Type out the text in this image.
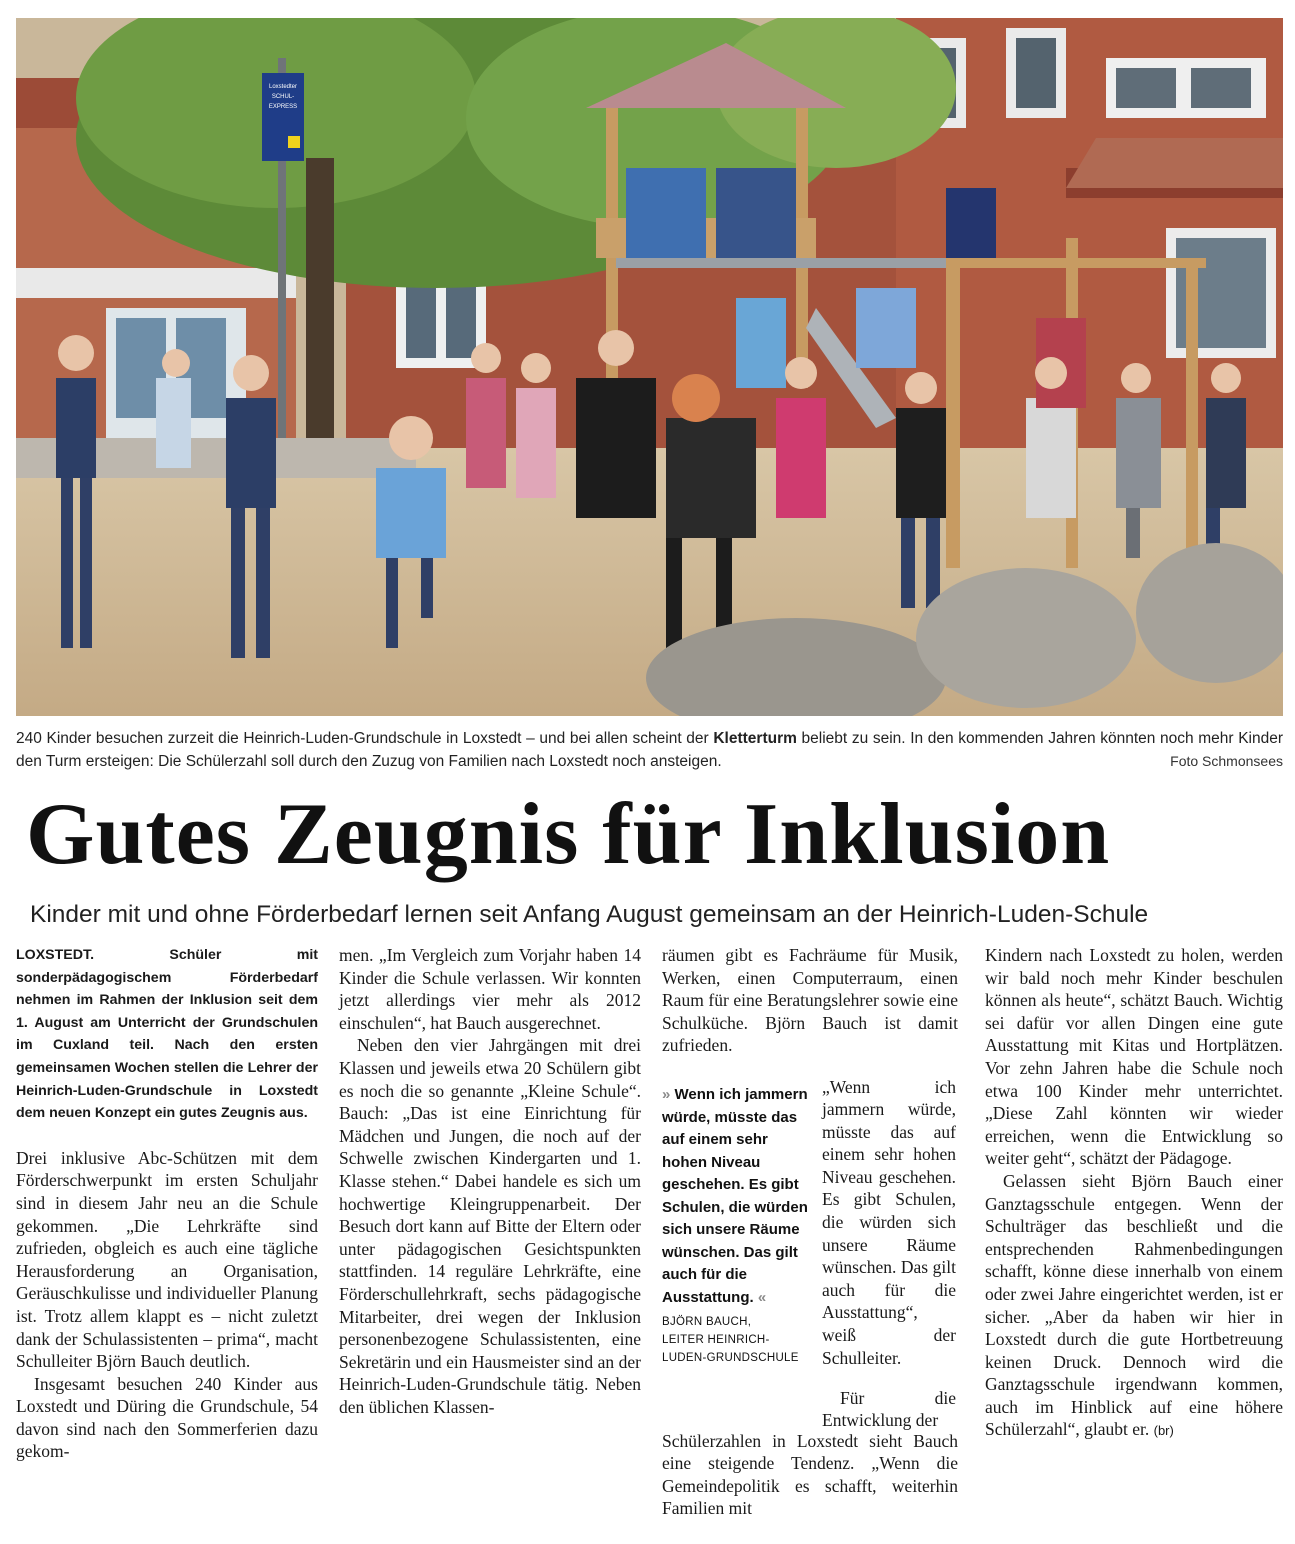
Loxstedter
SCHUL-
EXPRESS
240 Kinder besuchen zurzeit die Heinrich-Luden-Grundschule in Loxstedt – und bei allen scheint der Kletterturm beliebt zu sein. In den kommenden Jahren könnten noch mehr Kinder den Turm ersteigen: Die Schülerzahl soll durch den Zuzug von Familien nach Loxstedt noch ansteigen.	Foto Schmonsees
Gutes Zeugnis für Inklusion
Kinder mit und ohne Förderbedarf lernen seit Anfang August gemeinsam an der Heinrich-Luden-Schule

LOXSTEDT. Schüler mit sonderpädagogischem Förderbedarf nehmen im Rahmen der Inklusion seit dem 1. August am Unterricht der Grundschulen im Cuxland teil. Nach den ersten gemeinsamen Wochen stellen die Lehrer der Heinrich-Luden-Grundschule in Loxstedt dem neuen Konzept ein gutes Zeugnis aus.

Drei inklusive Abc-Schützen mit dem Förderschwerpunkt im ersten Schuljahr sind in diesem Jahr neu an die Schule gekommen. „Die Lehrkräfte sind zufrieden, obgleich es auch eine tägliche Herausforderung an Organisation, Geräuschkulisse und individueller Planung ist. Trotz allem klappt es – nicht zuletzt dank der Schulassistenten – prima“, macht Schulleiter Björn Bauch deutlich.

Insgesamt besuchen 240 Kinder aus Loxstedt und Düring die Grundschule, 54 davon sind nach den Sommerferien dazu gekom-

men. „Im Vergleich zum Vorjahr haben 14 Kinder die Schule verlassen. Wir konnten jetzt allerdings vier mehr als 2012 einschulen“, hat Bauch ausgerechnet.

Neben den vier Jahrgängen mit drei Klassen und jeweils etwa 20 Schülern gibt es noch die so genannte „Kleine Schule“. Bauch: „Das ist eine Einrichtung für Mädchen und Jungen, die noch auf der Schwelle zwischen Kindergarten und 1. Klasse stehen.“ Dabei handele es sich um hochwertige Kleingruppenarbeit. Der Besuch dort kann auf Bitte der Eltern oder unter pädagogischen Gesichtspunkten stattfinden. 14 reguläre Lehrkräfte, eine Förderschullehrkraft, sechs pädagogische Mitarbeiter, drei wegen der Inklusion personenbezogene Schulassistenten, eine Sekretärin und ein Hausmeister sind an der Heinrich-Luden-Grundschule tätig. Neben den üblichen Klassen-

räumen gibt es Fachräume für Musik, Werken, einen Computerraum, einen Raum für eine Beratungslehrer sowie eine Schulküche. Björn Bauch ist damit zufrieden.

» Wenn ich jammern würde, müsste das auf einem sehr hohen Niveau geschehen. Es gibt Schulen, die würden sich unsere Räume wünschen. Das gilt auch für die Ausstattung. «
BJÖRN BAUCH,
LEITER HEINRICH-LUDEN-GRUNDSCHULE

„Wenn ich jammern würde, müsste das auf einem sehr hohen Niveau geschehen. Es gibt Schulen, die würden sich unsere Räume wünschen. Das gilt auch für die Ausstattung“, weiß der Schulleiter.

Für die Entwicklung der

Schülerzahlen in Loxstedt sieht Bauch eine steigende Tendenz. „Wenn die Gemeindepolitik es schafft, weiterhin Familien mit

Kindern nach Loxstedt zu holen, werden wir bald noch mehr Kinder beschulen können als heute“, schätzt Bauch. Wichtig sei dafür vor allen Dingen eine gute Ausstattung mit Kitas und Hortplätzen. Vor zehn Jahren habe die Schule noch etwa 100 Kinder mehr unterrichtet. „Diese Zahl könnten wir wieder erreichen, wenn die Entwicklung so weiter geht“, schätzt der Pädagoge.

Gelassen sieht Björn Bauch einer Ganztagsschule entgegen. Wenn der Schulträger das beschließt und die entsprechenden Rahmenbedingungen schafft, könne diese innerhalb von einem oder zwei Jahre eingerichtet werden, ist er sicher. „Aber da haben wir hier in Loxstedt durch die gute Hortbetreuung keinen Druck. Dennoch wird die Ganztagsschule irgendwann kommen, auch im Hinblick auf eine höhere Schülerzahl“, glaubt er. (br)
